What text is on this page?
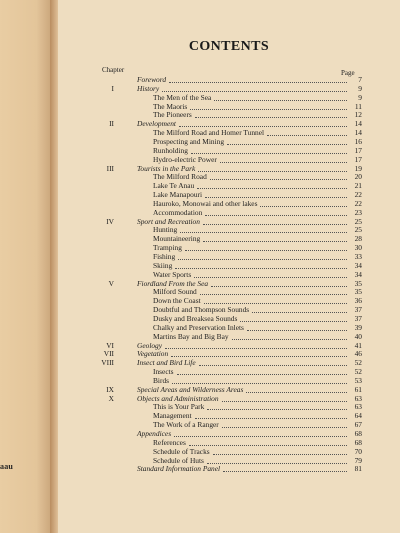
aau
CONTENTS
Chapter	Page
Foreword	7
I	History	9
The Men of the Sea	9
The Maoris	11
The Pioneers	12
II	Development	14
The Milford Road and Homer Tunnel	14
Prospecting and Mining	16
Runholding	17
Hydro-electric Power	17
III	Tourists in the Park	19
The Milford Road	20
Lake Te Anau	21
Lake Manapouri	22
Hauroko, Monowai and other lakes	22
Accommodation	23
IV	Sport and Recreation	25
Hunting	25
Mountaineering	28
Tramping	30
Fishing	33
Skiing	34
Water Sports	34
V	Fiordland From the Sea	35
Milford Sound	35
Down the Coast	36
Doubtful and Thompson Sounds	37
Dusky and Breaksea Sounds	37
Chalky and Preservation Inlets	39
Martins Bay and Big Bay	40
VI	Geology	41
VII	Vegetation	46
VIII	Insect and Bird Life	52
Insects	52
Birds	53
IX	Special Areas and Wilderness Areas	61
X	Objects and Administration	63
This is Your Park	63
Management	64
The Work of a Ranger	67
Appendices	68
References	68
Schedule of Tracks	70
Schedule of Huts	79
Standard Information Panel	81
